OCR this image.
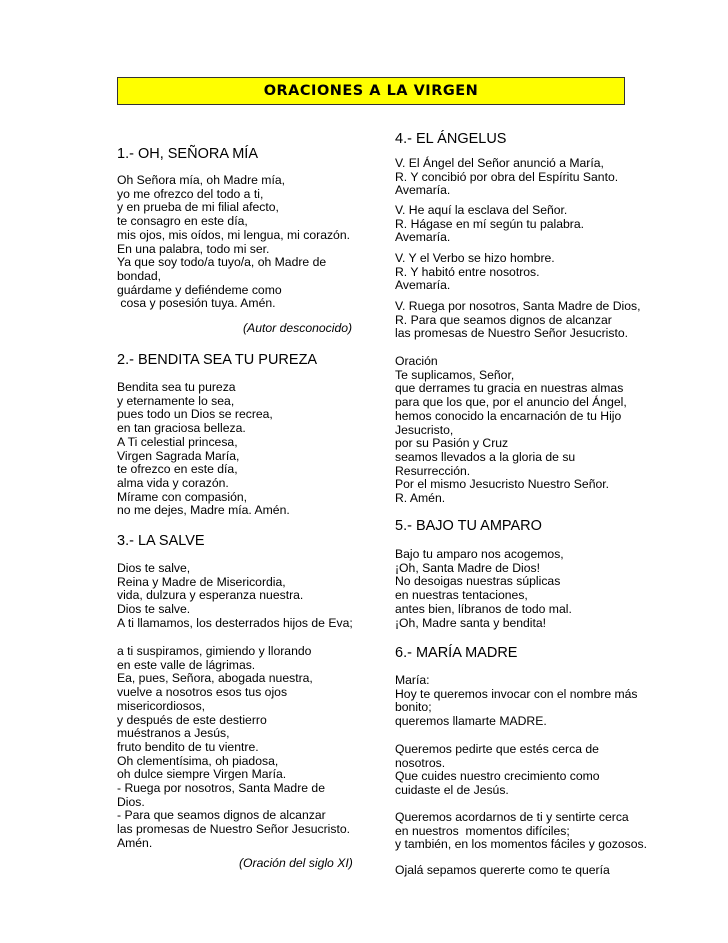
ORACIONES A LA VIRGEN
1.- OH, SEÑORA MÍA
Oh Señora mía, oh Madre mía,
yo me ofrezco del todo a ti,
y en prueba de mi filial afecto,
te consagro en este día,
mis ojos, mis oídos, mi lengua, mi corazón.
En una palabra, todo mi ser.
Ya que soy todo/a tuyo/a, oh Madre de
bondad,
guárdame y defiéndeme como
cosa y posesión tuya. Amén.
(Autor desconocido)
2.- BENDITA SEA TU PUREZA
Bendita sea tu pureza
y eternamente lo sea,
pues todo un Dios se recrea,
en tan graciosa belleza.
A Ti celestial princesa,
Virgen Sagrada María,
te ofrezco en este día,
alma vida y corazón.
Mírame con compasión,
no me dejes, Madre mía. Amén.
3.- LA SALVE
Dios te salve,
Reina y Madre de Misericordia,
vida, dulzura y esperanza nuestra.
Dios te salve.
A ti llamamos, los desterrados hijos de Eva;
a ti suspiramos, gimiendo y llorando
en este valle de lágrimas.
Ea, pues, Señora, abogada nuestra,
vuelve a nosotros esos tus ojos
misericordiosos,
y después de este destierro
muéstranos a Jesús,
fruto bendito de tu vientre.
Oh clementísima, oh piadosa,
oh dulce siempre Virgen María.
- Ruega por nosotros, Santa Madre de
Dios.
- Para que seamos dignos de alcanzar
las promesas de Nuestro Señor Jesucristo.
Amén.
(Oración del siglo XI)
4.- EL ÁNGELUS
V. El Ángel del Señor anunció a María,
R. Y concibió por obra del Espíritu Santo.
Avemaría.
V. He aquí la esclava del Señor.
R. Hágase en mí según tu palabra.
Avemaría.
V. Y el Verbo se hizo hombre.
R. Y habitó entre nosotros.
Avemaría.
V. Ruega por nosotros, Santa Madre de Dios,
R. Para que seamos dignos de alcanzar
las promesas de Nuestro Señor Jesucristo.
Oración
Te suplicamos, Señor,
que derrames tu gracia en nuestras almas
para que los que, por el anuncio del Ángel,
hemos conocido la encarnación de tu Hijo
Jesucristo,
por su Pasión y Cruz
seamos llevados a la gloria de su
Resurrección.
Por el mismo Jesucristo Nuestro Señor.
R. Amén.
5.- BAJO TU AMPARO
Bajo tu amparo nos acogemos,
¡Oh, Santa Madre de Dios!
No desoigas nuestras súplicas
en nuestras tentaciones,
antes bien, líbranos de todo mal.
¡Oh, Madre santa y bendita!
6.- MARÍA MADRE
María:
Hoy te queremos invocar con el nombre más
bonito;
queremos llamarte MADRE.
Queremos pedirte que estés cerca de
nosotros.
Que cuides nuestro crecimiento como
cuidaste el de Jesús.
Queremos acordarnos de ti y sentirte cerca
en nuestros  momentos difíciles;
y también, en los momentos fáciles y gozosos.
Ojalá sepamos quererte como te quería
